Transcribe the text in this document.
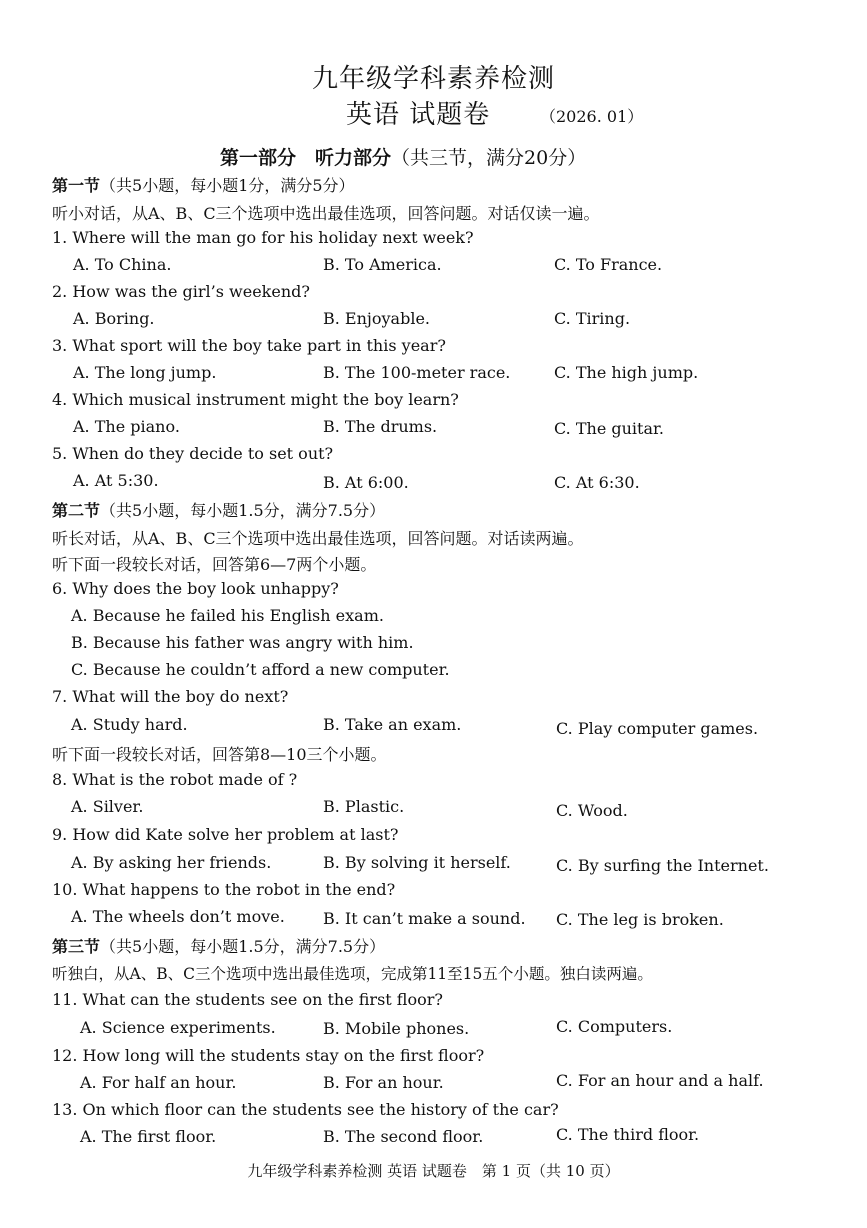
九年级学科素养检测
英语 试题卷	（2026. 01）
第一部分　听力部分（共三节，满分20分）
第一节（共5小题，每小题1分，满分5分）
听小对话，从A、B、C三个选项中选出最佳选项，回答问题。对话仅读一遍。
1. Where will the man go for his holiday next week?
A. To China.	B. To America.	C. To France.
2. How was the girl’s weekend?
A. Boring.	B. Enjoyable.	C. Tiring.
3. What sport will the boy take part in this year?
A. The long jump.	B. The 100-meter race.	C. The high jump.
4. Which musical instrument might the boy learn?
A. The piano.	B. The drums.	C. The guitar.
5. When do they decide to set out?
A. At 5:30.	B. At 6:00.	C. At 6:30.
第二节（共5小题，每小题1.5分，满分7.5分）
听长对话，从A、B、C三个选项中选出最佳选项，回答问题。对话读两遍。
听下面一段较长对话，回答第6—7两个小题。
6. Why does the boy look unhappy?
A. Because he failed his English exam.
B. Because his father was angry with him.
C. Because he couldn’t afford a new computer.
7. What will the boy do next?
A. Study hard.	B. Take an exam.	C. Play computer games.
听下面一段较长对话，回答第8—10三个小题。
8. What is the robot made of ?
A. Silver.	B. Plastic.	C. Wood.
9. How did Kate solve her problem at last?
A. By asking her friends.	B. By solving it herself.	C. By surfing the Internet.
10. What happens to the robot in the end?
A. The wheels don’t move. B. It can’t make a sound. C. The leg is broken.
第三节（共5小题，每小题1.5分，满分7.5分）
听独白，从A、B、C三个选项中选出最佳选项，完成第11至15五个小题。独白读两遍。
11. What can the students see on the first floor?
A. Science experiments.	B. Mobile phones.	C. Computers.
12. How long will the students stay on the first floor?
A. For half an hour.	B. For an hour.	C. For an hour and a half.
13. On which floor can the students see the history of the car?
A. The first floor.	B. The second floor.	C. The third floor.
九年级学科素养检测 英语 试题卷　第 1 页（共 10 页）
